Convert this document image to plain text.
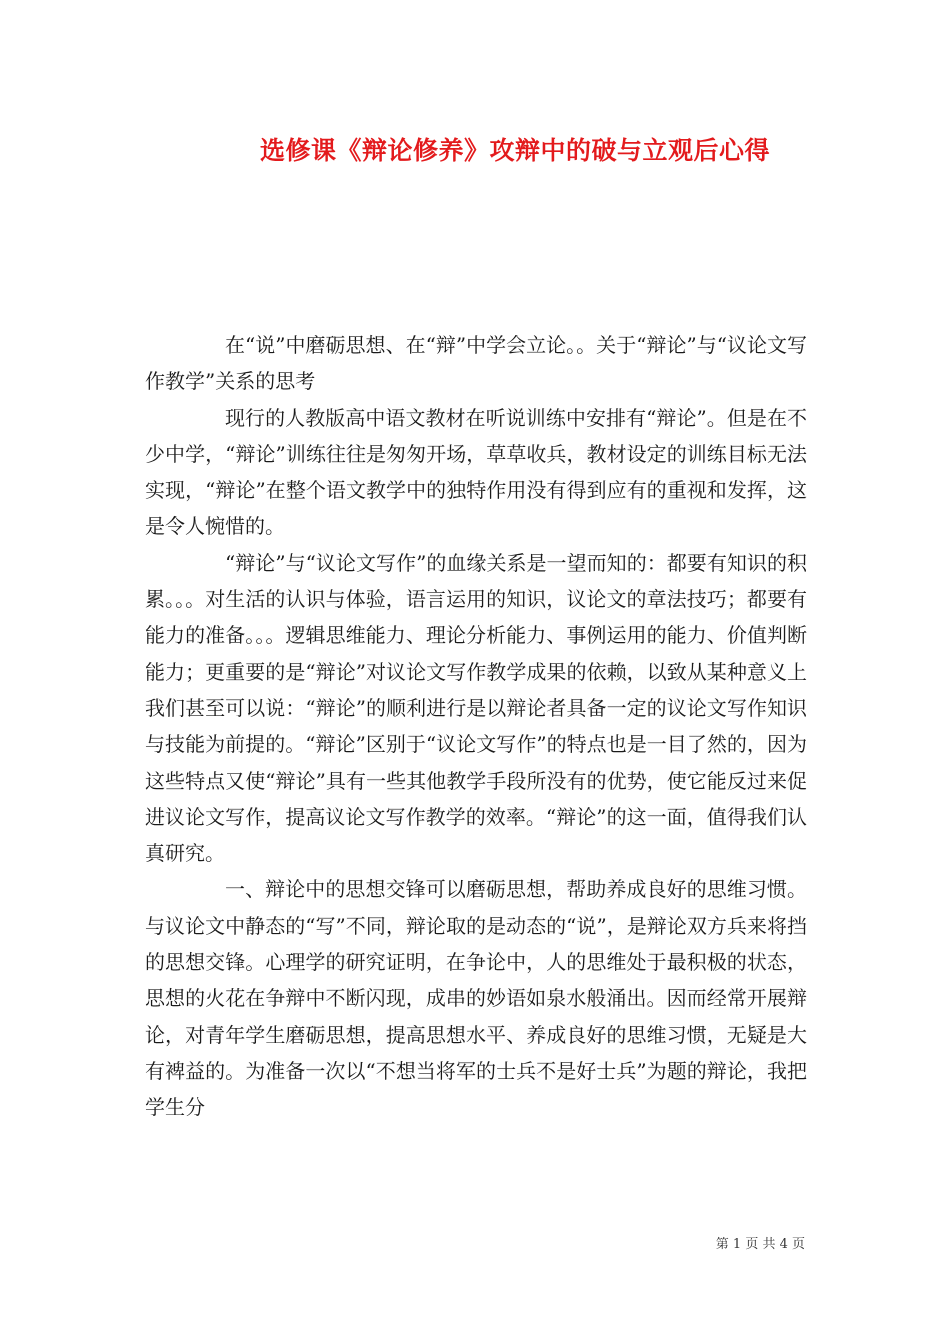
选修课《辩论修养》攻辩中的破与立观后心得

在“说”中磨砺思想、在“辩”中学会立论。。关于“辩论”与“议论文写作教学”关系的思考

现行的人教版高中语文教材在听说训练中安排有“辩论”。但是在不少中学，“辩论”训练往往是匆匆开场，草草收兵，教材设定的训练目标无法实现，“辩论”在整个语文教学中的独特作用没有得到应有的重视和发挥，这是令人惋惜的。

“辩论”与“议论文写作”的血缘关系是一望而知的：都要有知识的积累。。。对生活的认识与体验，语言运用的知识，议论文的章法技巧；都要有能力的准备。。。逻辑思维能力、理论分析能力、事例运用的能力、价值判断能力；更重要的是“辩论”对议论文写作教学成果的依赖，以致从某种意义上我们甚至可以说：“辩论”的顺利进行是以辩论者具备一定的议论文写作知识与技能为前提的。“辩论”区别于“议论文写作”的特点也是一目了然的，因为这些特点又使“辩论”具有一些其他教学手段所没有的优势，使它能反过来促进议论文写作，提高议论文写作教学的效率。“辩论”的这一面，值得我们认真研究。

一、辩论中的思想交锋可以磨砺思想，帮助养成良好的思维习惯。与议论文中静态的“写”不同，辩论取的是动态的“说”，是辩论双方兵来将挡的思想交锋。心理学的研究证明，在争论中，人的思维处于最积极的状态，思想的火花在争辩中不断闪现，成串的妙语如泉水般涌出。因而经常开展辩论，对青年学生磨砺思想，提高思想水平、养成良好的思维习惯，无疑是大有裨益的。为准备一次以“不想当将军的士兵不是好士兵”为题的辩论，我把学生分

第 1 页 共 4 页
